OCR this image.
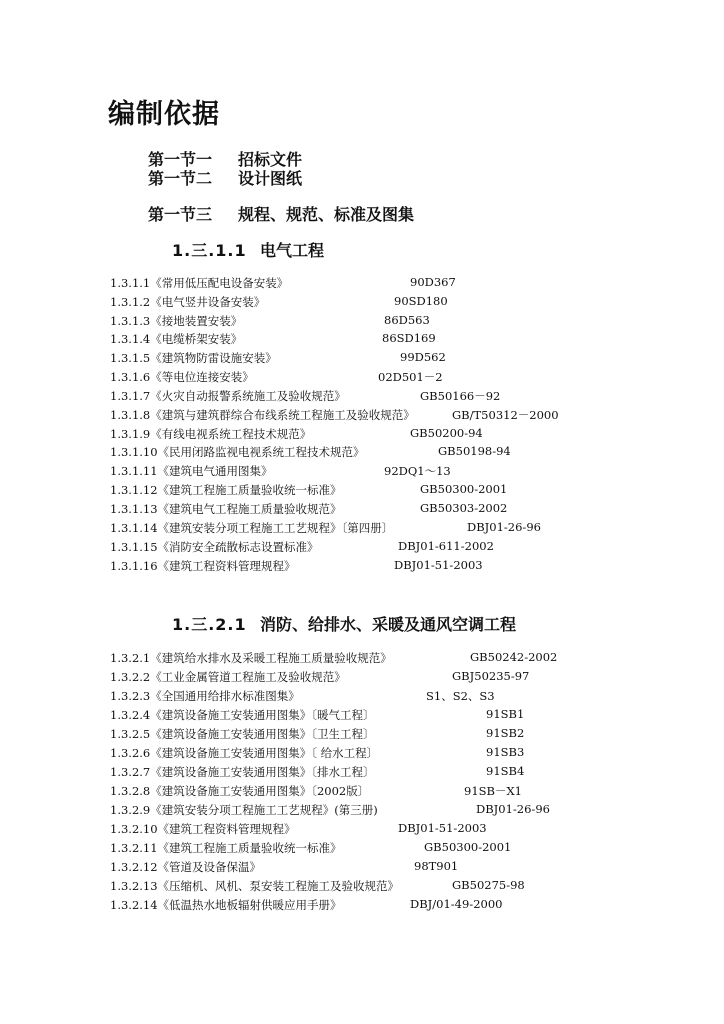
编制依据
第一节一 招标文件
第一节二 设计图纸
第一节三 规程、规范、标准及图集
1.三.1.1 电气工程
1.3.1.1《常用低压配电设备安装》	90D367
1.3.1.2《电气竖井设备安装》	90SD180
1.3.1.3《接地装置安装》	86D563
1.3.1.4《电缆桥架安装》	86SD169
1.3.1.5《建筑物防雷设施安装》	99D562
1.3.1.6《等电位连接安装》	02D501－2
1.3.1.7《火灾自动报警系统施工及验收规范》	GB50166－92
1.3.1.8《建筑与建筑群综合布线系统工程施工及验收规范》	GB/T50312－2000
1.3.1.9《有线电视系统工程技术规范》	GB50200-94
1.3.1.10《民用闭路监视电视系统工程技术规范》	GB50198-94
1.3.1.11《建筑电气通用图集》	92DQ1～13
1.3.1.12《建筑工程施工质量验收统一标准》	GB50300-2001
1.3.1.13《建筑电气工程施工质量验收规范》	GB50303-2002
1.3.1.14《建筑安装分项工程施工工艺规程》〔第四册〕	DBJ01-26-96
1.3.1.15《消防安全疏散标志设置标准》	DBJ01-611-2002
1.3.1.16《建筑工程资料管理规程》	DBJ01-51-2003
1.三.2.1 消防、给排水、采暖及通风空调工程
1.3.2.1《建筑给水排水及采暖工程施工质量验收规范》	GB50242-2002
1.3.2.2《工业金属管道工程施工及验收规范》	GBJ50235-97
1.3.2.3《全国通用给排水标准图集》	S1、S2、S3
1.3.2.4《建筑设备施工安装通用图集》〔暖气工程〕	91SB1
1.3.2.5《建筑设备施工安装通用图集》〔卫生工程〕	91SB2
1.3.2.6《建筑设备施工安装通用图集》〔 给水工程〕	91SB3
1.3.2.7《建筑设备施工安装通用图集》〔排水工程〕	91SB4
1.3.2.8《建筑设备施工安装通用图集》〔2002版〕	91SB－X1
1.3.2.9《建筑安装分项工程施工工艺规程》(第三册)	DBJ01-26-96
1.3.2.10《建筑工程资料管理规程》	DBJ01-51-2003
1.3.2.11《建筑工程施工质量验收统一标准》	GB50300-2001
1.3.2.12《管道及设备保温》	98T901
1.3.2.13《压缩机、风机、泵安装工程施工及验收规范》	GB50275-98
1.3.2.14《低温热水地板辐射供暖应用手册》	DBJ/01-49-2000
